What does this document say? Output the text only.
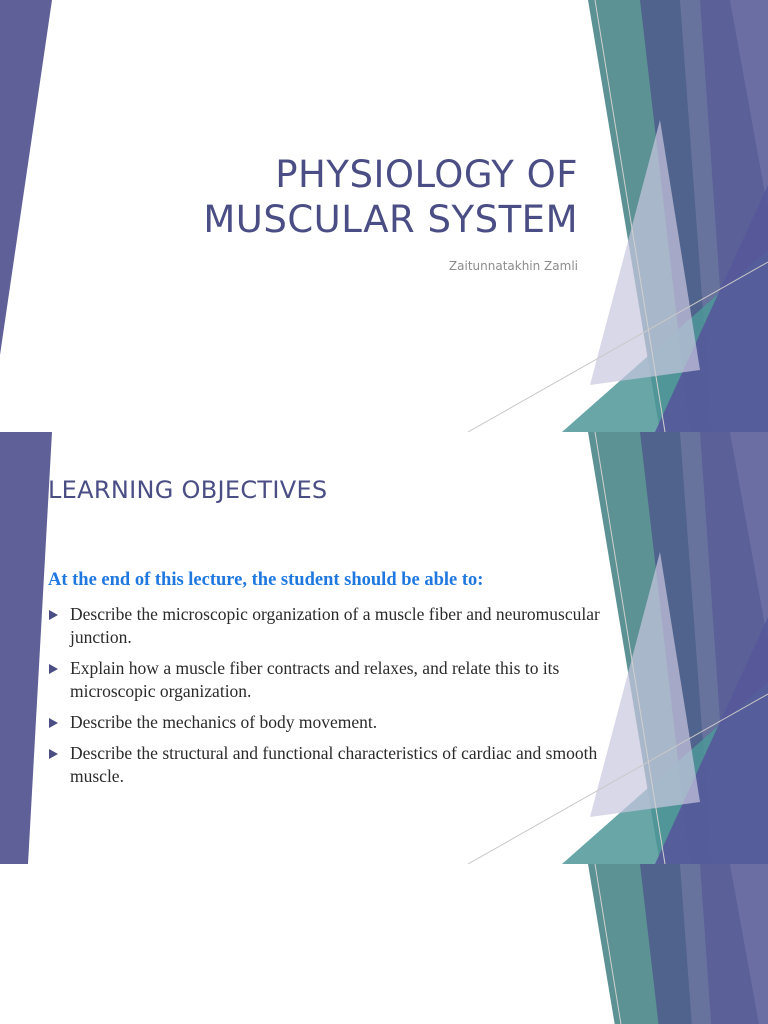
PHYSIOLOGY OF
MUSCULAR SYSTEM

Zaitunnatakhin Zamli

LEARNING OBJECTIVES

At the end of this lecture, the student should be able to:

Describe the microscopic organization of a muscle fiber and neuromuscular junction.
Explain how a muscle fiber contracts and relaxes, and relate this to its microscopic organization.
Describe the mechanics of body movement.
Describe the structural and functional characteristics of cardiac and smooth muscle.
